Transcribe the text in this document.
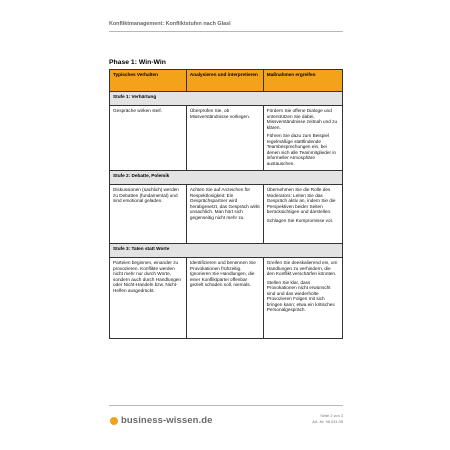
Konfliktmanagement: Konfliktstufen nach Glasl
Phase 1: Win-Win
Typisches Verhalten	Analysieren und interpretieren	Maßnahmen ergreifen
Stufe 1: Verhärtung		
Gespräche wirken steif.	Überprüfen Sie, ob Missverständnisse vorliegen.	Fördern Sie offene Dialoge und unterstützen Sie dabei, Missverständnisse zeitnah und zu klären.

Führen Sie dazu zum Beispiel regelmäßige stattfindende Teambesprechungen ein, bei denen sich alle Teammitglieder in informeller Atmosphäre austauschen.

Stufe 2: Debatte, Polemik		
Diskussionen (sachlich) werden zu Debatten (fundamental) und sind emotional geladen.	Achten Sie auf Anzeichen für Respektlosigkeit: Ein Gesprächspartner wird herabgesetzt, das Gespräch wirkt unsachlich. Man hört sich gegenseitig nicht mehr zu.	Übernehmen Sie die Rolle des Moderators: Leiten Sie das Gespräch aktiv an, indem Sie die Perspektiven beider Seiten berücksichtigen und darstellen.

Schlagen Sie Kompromisse vor.

Stufe 3: Taten statt Worte		
Parteien beginnen, einander zu provozieren. Konflikte werden nicht mehr nur durch Worte, sondern auch durch Handlungen oder Nicht-Handeln bzw. Nicht-Helfen ausgedrückt.	Identifizieren und benennen Sie Provokationen frühzeitig. Ignorieren Sie Handlungen, die einer Konfliktpartei offenbar gezielt schaden soll, niemals.	Greifen Sie deeskalierend ein, um Handlungen zu verhindern, die den Konflikt verschärfen könnten.

Stellen Sie klar, dass Provokationen nicht erwünscht sind und das wiederholte Provozieren Folgen mit sich bringen kann; etwa ein kritisches Personalgespräch.

business-wissen.de	Seite 2 von 3
Art.-Nr. 98.031.05
